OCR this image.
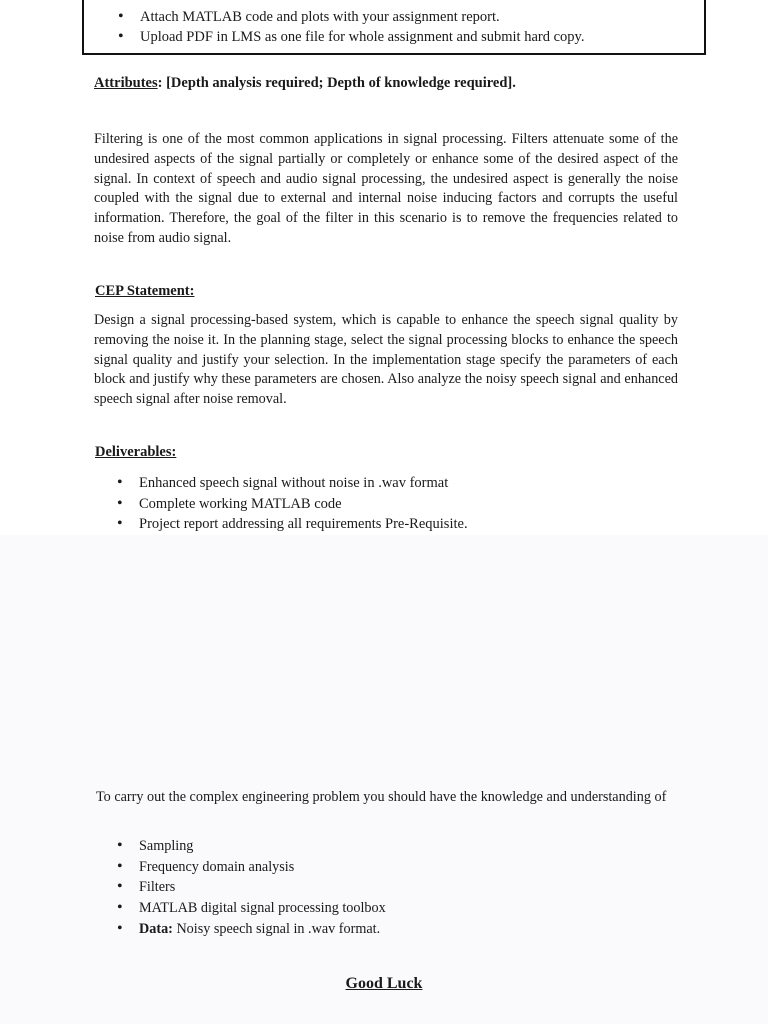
• Attach MATLAB code and plots with your assignment report.
• Upload PDF in LMS as one file for whole assignment and submit hard copy.
Attributes: [Depth analysis required; Depth of knowledge required].

Filtering is one of the most common applications in signal processing. Filters attenuate some of the undesired aspects of the signal partially or completely or enhance some of the desired aspect of the signal. In context of speech and audio signal processing, the undesired aspect is generally the noise coupled with the signal due to external and internal noise inducing factors and corrupts the useful information. Therefore, the goal of the filter in this scenario is to remove the frequencies related to noise from audio signal.

CEP Statement:

Design a signal processing-based system, which is capable to enhance the speech signal quality by removing the noise it. In the planning stage, select the signal processing blocks to enhance the speech signal quality and justify your selection. In the implementation stage specify the parameters of each block and justify why these parameters are chosen. Also analyze the noisy speech signal and enhanced speech signal after noise removal.

Deliverables:
• Enhanced speech signal without noise in .wav format
• Complete working MATLAB code
• Project report addressing all requirements Pre-Requisite.

To carry out the complex engineering problem you should have the knowledge and understanding of

• Sampling
• Frequency domain analysis
• Filters
• MATLAB digital signal processing toolbox
• Data: Noisy speech signal in .wav format.
Good Luck
